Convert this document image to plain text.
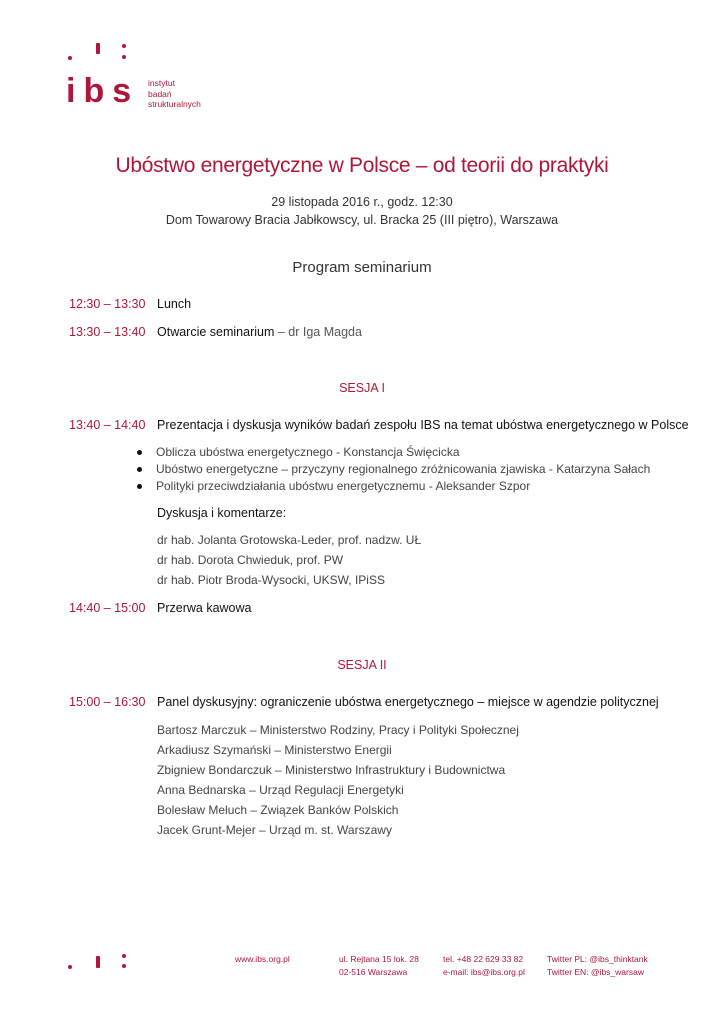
ibs instytut
badań
strukturalnych
Ubóstwo energetyczne w Polsce – od teorii do praktyki
29 listopada 2016 r., godz. 12:30
Dom Towarowy Bracia Jabłkowscy, ul. Bracka 25 (III piętro), Warszawa
Program seminarium
12:30 – 13:30 Lunch
13:30 – 13:40 Otwarcie seminarium – dr Iga Magda
SESJA I
13:40 – 14:40 Prezentacja i dyskusja wyników badań zespołu IBS na temat ubóstwa energetycznego w Polsce
Oblicza ubóstwa energetycznego - Konstancja Święcicka
Ubóstwo energetyczne – przyczyny regionalnego zróżnicowania zjawiska - Katarzyna Sałach
Polityki przeciwdziałania ubóstwu energetycznemu - Aleksander Szpor
Dyskusja i komentarze:
dr hab. Jolanta Grotowska-Leder, prof. nadzw. UŁ
dr hab. Dorota Chwieduk, prof. PW
dr hab. Piotr Broda-Wysocki, UKSW, IPiSS
14:40 – 15:00 Przerwa kawowa
SESJA II
15:00 – 16:30 Panel dyskusyjny: ograniczenie ubóstwa energetycznego – miejsce w agendzie politycznej
Bartosz Marczuk – Ministerstwo Rodziny, Pracy i Polityki Społecznej
Arkadiusz Szymański – Ministerstwo Energii
Zbigniew Bondarczuk – Ministerstwo Infrastruktury i Budownictwa
Anna Bednarska – Urząd Regulacji Energetyki
Bolesław Meluch – Związek Banków Polskich
Jacek Grunt-Mejer – Urząd m. st. Warszawy
www.ibs.org.pl	ul. Rejtana 15 lok. 28
02-516 Warszawa
tel. +48 22 629 33 82
e-mail: ibs@ibs.org.pl
Twitter PL: @ibs_thinktank
Twitter EN: @ibs_warsaw
